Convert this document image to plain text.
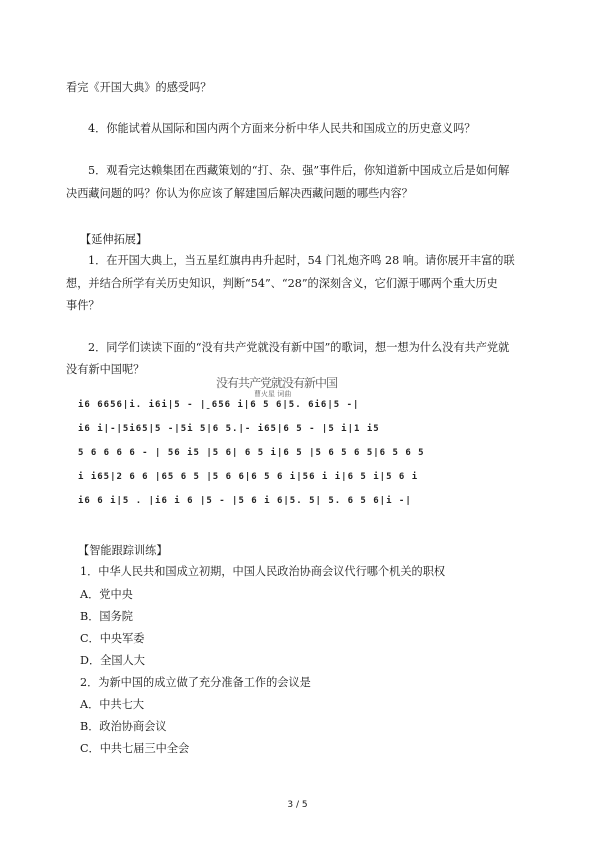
看完《开国大典》的感受吗？

4．你能试着从国际和国内两个方面来分析中华人民共和国成立的历史意义吗？

5．观看完达赖集团在西藏策划的“打、杂、强”事件后，你知道新中国成立后是如何解

决西藏问题的吗？你认为你应该了解建国后解决西藏问题的哪些内容？

【延伸拓展】

1．在开国大典上，当五星红旗冉冉升起时，54 门礼炮齐鸣 28 响。请你展开丰富的联

想，并结合所学有关历史知识，判断“54”、“28”的深刻含义，它们源于哪两个重大历史

事件？

2．同学们读读下面的“没有共产党就没有新中国”的歌词，想一想为什么没有共产党就

没有新中国呢？

没有共产党就没有新中国
曹火星 词曲
i6 6656|i. i6i|5 - |̱656 i|6 5 6|5. 6i6|5 -|
i6 i|-|5i65|5 -|5i 5|6 5.|- i65|6 5 - |5 i|1 i5
5 6 6 6 6 - | 56 i5 |5 6| 6 5 i|6 5 |5 6 5 6 5|6 5 6 5
i i65|2 6 6 |65 6 5 |5 6 6|6 5 6 i|56 i i|6 5 i|5 6 i
i6 6 i|5 . |i6 i 6 |5 - |5 6 i 6|5. 5| 5. 6 5 6|i -|

【智能跟踪训练】

1．中华人民共和国成立初期，中国人民政治协商会议代行哪个机关的职权

A．党中央

B．国务院

C．中央军委

D．全国人大

2．为新中国的成立做了充分准备工作的会议是

A．中共七大

B．政治协商会议

C．中共七届三中全会

3 / 5
